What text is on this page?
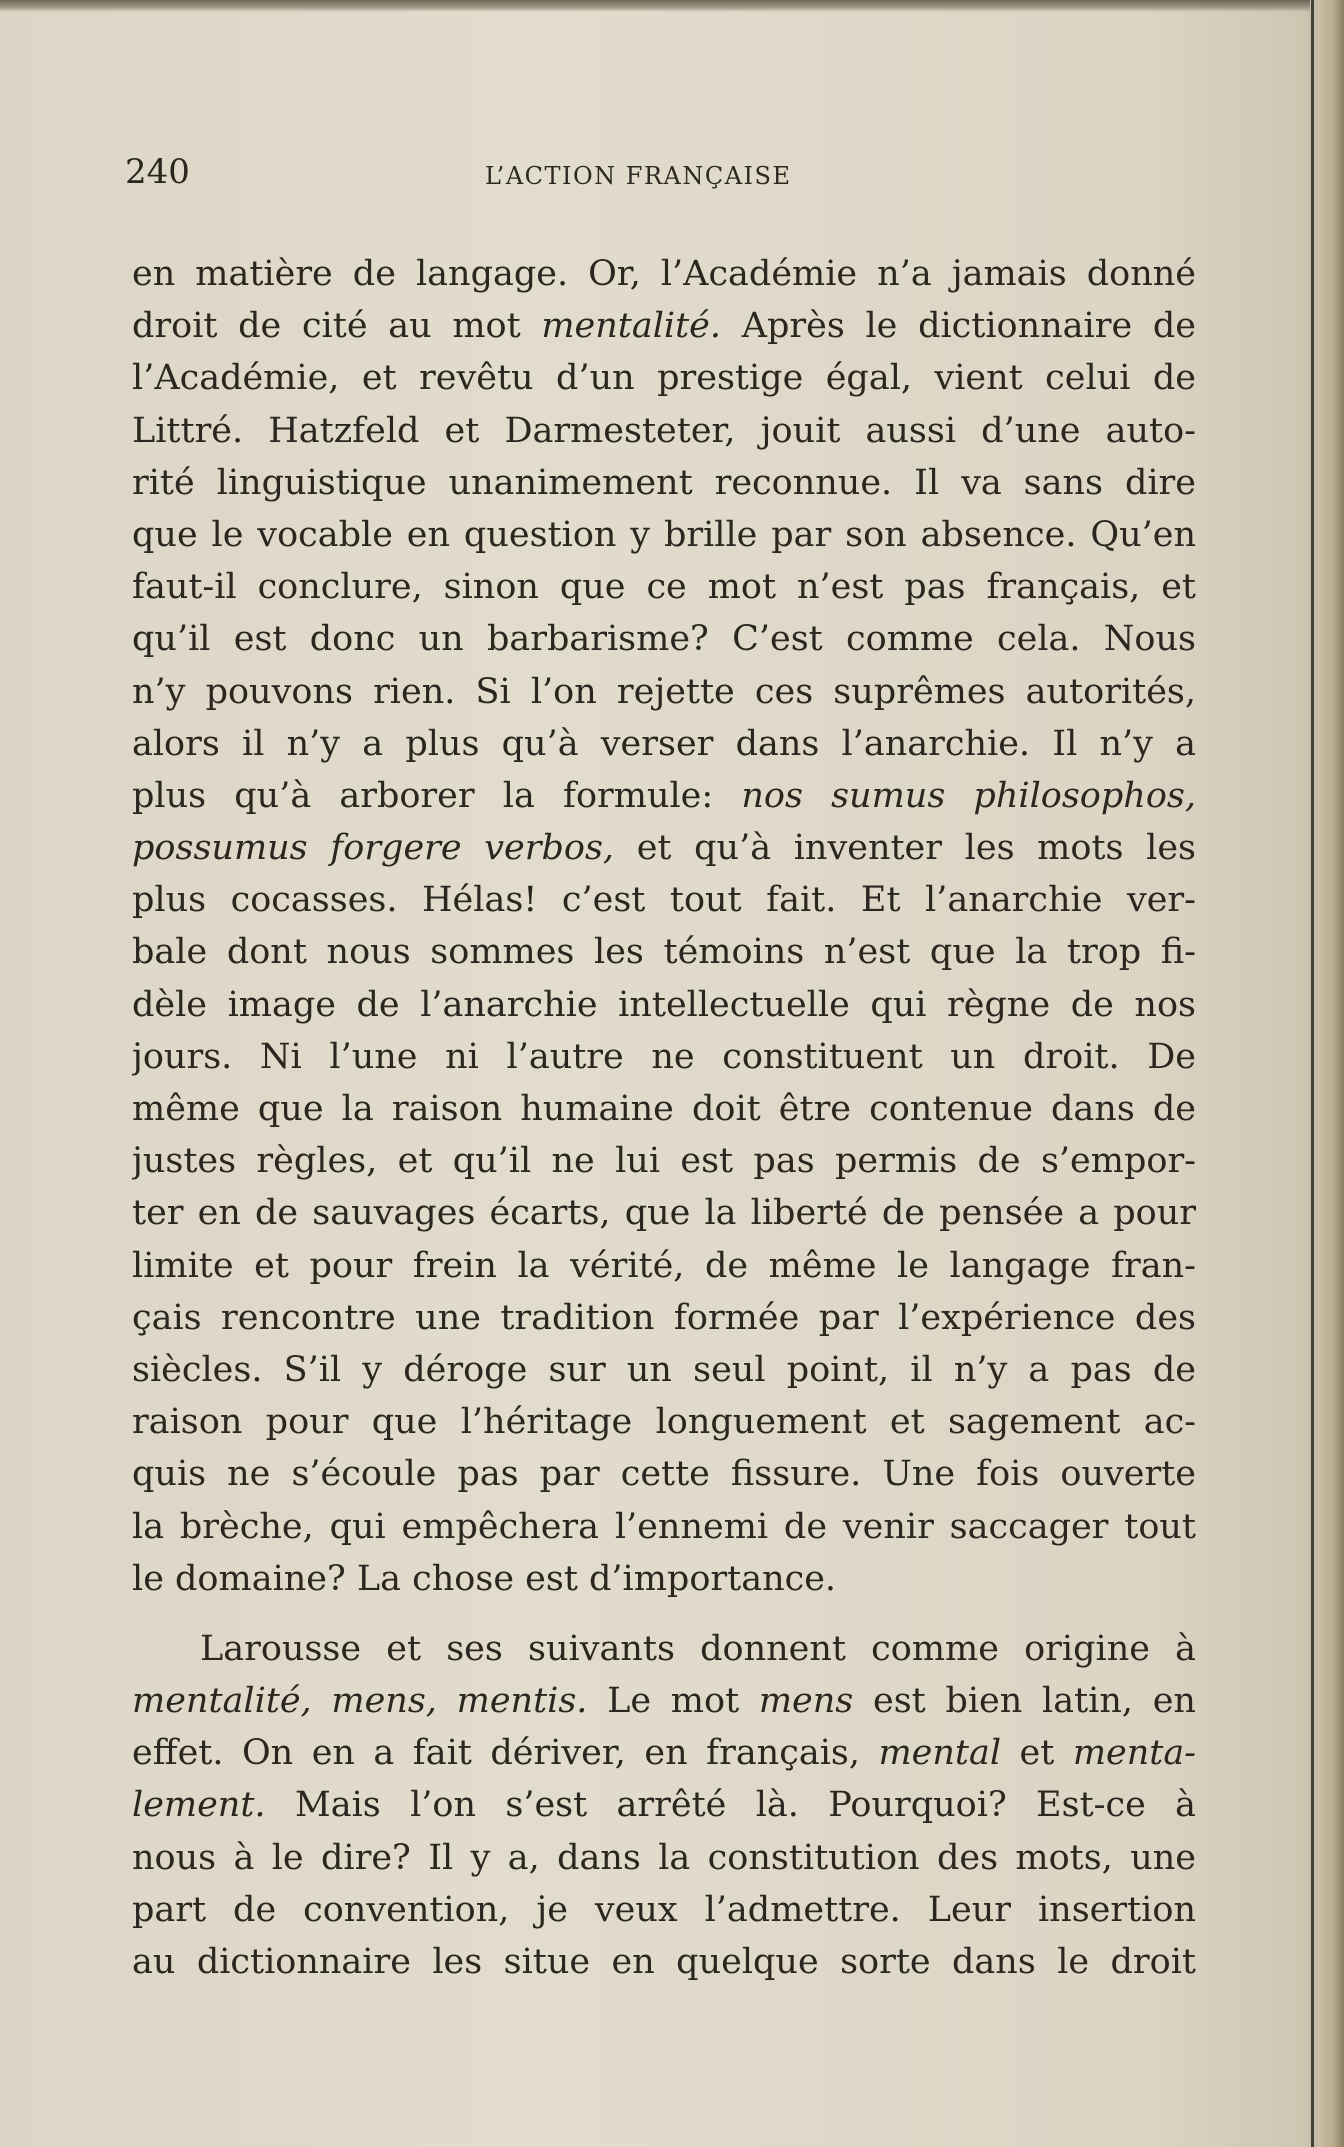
240	L’ACTION FRANÇAISE
en matière de langage. Or, l’Académie n’a jamais donné
droit de cité au mot mentalité. Après le dictionnaire de
l’Académie, et revêtu d’un prestige égal, vient celui de
Littré. Hatzfeld et Darmesteter, jouit aussi d’une auto-
rité linguistique unanimement reconnue. Il va sans dire
que le vocable en question y brille par son absence. Qu’en
faut-il conclure, sinon que ce mot n’est pas français, et
qu’il est donc un barbarisme? C’est comme cela. Nous
n’y pouvons rien. Si l’on rejette ces suprêmes autorités,
alors il n’y a plus qu’à verser dans l’anarchie. Il n’y a
plus qu’à arborer la formule: nos sumus philosophos,
possumus forgere verbos, et qu’à inventer les mots les
plus cocasses. Hélas! c’est tout fait. Et l’anarchie ver-
bale dont nous sommes les témoins n’est que la trop fi-
dèle image de l’anarchie intellectuelle qui règne de nos
jours. Ni l’une ni l’autre ne constituent un droit. De
même que la raison humaine doit être contenue dans de
justes règles, et qu’il ne lui est pas permis de s’empor-
ter en de sauvages écarts, que la liberté de pensée a pour
limite et pour frein la vérité, de même le langage fran-
çais rencontre une tradition formée par l’expérience des
siècles. S’il y déroge sur un seul point, il n’y a pas de
raison pour que l’héritage longuement et sagement ac-
quis ne s’écoule pas par cette fissure. Une fois ouverte
la brèche, qui empêchera l’ennemi de venir saccager tout
le domaine? La chose est d’importance.
Larousse et ses suivants donnent comme origine à
mentalité, mens, mentis. Le mot mens est bien latin, en
effet. On en a fait dériver, en français, mental et menta-
lement. Mais l’on s’est arrêté là. Pourquoi? Est-ce à
nous à le dire? Il y a, dans la constitution des mots, une
part de convention, je veux l’admettre. Leur insertion
au dictionnaire les situe en quelque sorte dans le droit
